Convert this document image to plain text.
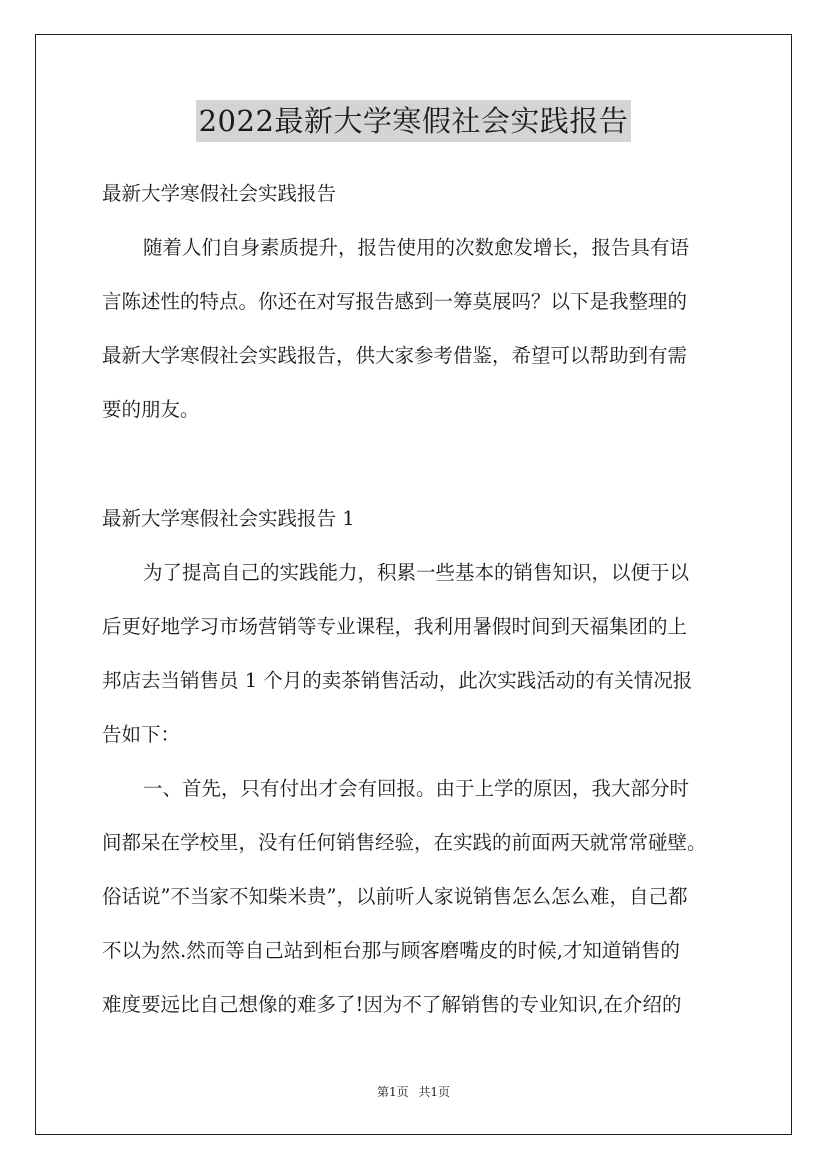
2022最新大学寒假社会实践报告
最新大学寒假社会实践报告
随着人们自身素质提升，报告使用的次数愈发增长，报告具有语
言陈述性的特点。你还在对写报告感到一筹莫展吗？以下是我整理的
最新大学寒假社会实践报告，供大家参考借鉴，希望可以帮助到有需
要的朋友。
最新大学寒假社会实践报告 1
为了提高自己的实践能力，积累一些基本的销售知识，以便于以
后更好地学习市场营销等专业课程，我利用暑假时间到天福集团的上
邦店去当销售员 1 个月的卖茶销售活动，此次实践活动的有关情况报
告如下：
一、首先，只有付出才会有回报。由于上学的原因，我大部分时
间都呆在学校里，没有任何销售经验，在实践的前面两天就常常碰壁。
俗话说”不当家不知柴米贵”，以前听人家说销售怎么怎么难，自己都
不以为然.然而等自己站到柜台那与顾客磨嘴皮的时候,才知道销售的
难度要远比自己想像的难多了!因为不了解销售的专业知识,在介绍的
第1页 共1页
